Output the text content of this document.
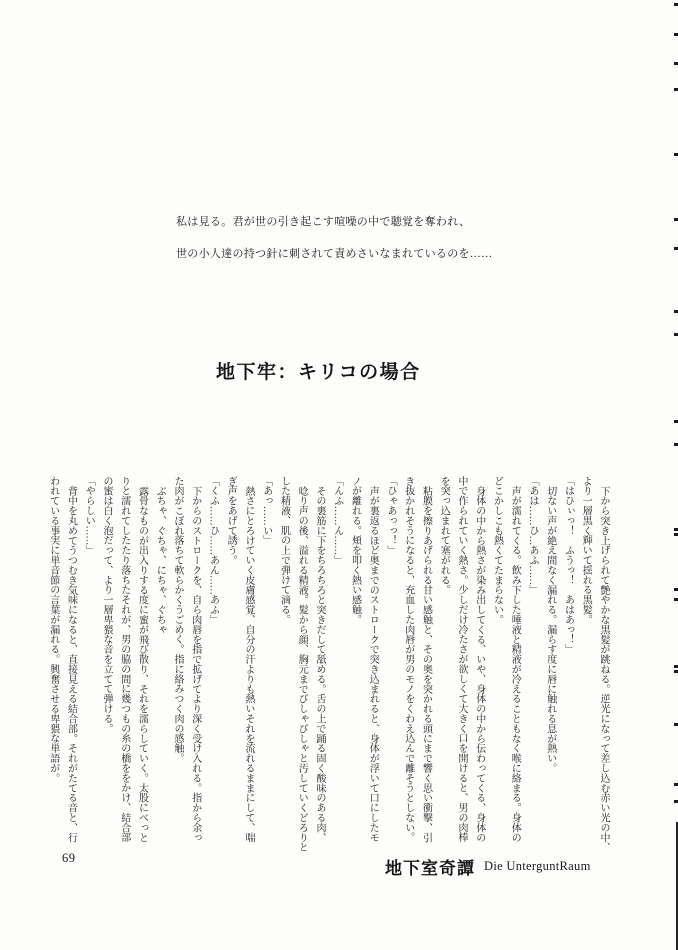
私は見る。君が世の引き起こす喧噪の中で聴覚を奪われ、
世の小人達の持つ針に刺されて責めさいなまれているのを……
地下牢：キリコの場合

下から突き上げられて艶やかな黒髪が跳ねる。逆光になって差し込む赤い光の中、

より一層黒く輝いて揺れる黒髪。

「はひぃっ！　ふうっ！　あはあっ！」

切ない声が絶え間なく漏れる。漏らす度に唇に触れる息が熱い。

「あは……ひ…あふ……」

声が濡れてくる。飲み下した唾液と精液が冷えることもなく喉に絡まる。身体の

どこかしこも熱くてたまらない。

身体の中から熱さが染み出してくる、いや、身体の中から伝わってくる、身体の

中で作られていく熱さ。少しだけ冷たさが欲しくて大きく口を開けると、男の肉棒

を突っ込まれて塞がれる。

粘膜を擦りあげられる甘い感触と、その奥を突かれる頭にまで響く思い衝撃、引

き抜かれそうになると、充血した肉唇が男のモノをくわえ込んで離そうとしない。

「ひゃあっっ！」

声が裏返るほど奥までのストロークで突き込まれると、身体が浮いて口にしたモ

ノが離れる。頬を叩く熱い感触。

「んふ……ん……」

その裏筋に下をちろちろと突きだして舐める。舌の上で踊る固く酸味のある肉、

唸り声の後、溢れる精液。髪から顔、胸元までびしゃびしゃと汚していくどろりと

した精液、肌の上で弾けて滴る。

「あっ……い」

熱さにとろけていく皮膚感覚、自分の汗よりも熱いそれを流れるままにして、喘

ぎ声をあげて誘う。

「くふ……ひ……あん……あふ」

下からのストロークを、自ら肉唇を指で拡げてより深く受け入れる。指から余っ

た肉がこぼれ落ちて軟らかくうごめく。指に絡みつく肉の感触。

ぶちゃ、ぐちゃ、にちゃ、ぐちゃ

露骨なものが出入りする度に蜜が飛び散り、それを濡らしていく。太股にべっと

りと濡れてしたたり落ちたそれが、男の脇の間に幾つもの糸の橋ををかけ、結合部

の蜜は白く泡だって、より一層卑猥な音を立てて弾ける。

「やらしい……」

背中を丸めてうつむき気味になると、直接見える結合部。それがたてる音と、行

われている事実に単音節の言葉が漏れる。興奮させる卑猥な単語が。

69
地下室奇譚 Die UnterguntRaum
